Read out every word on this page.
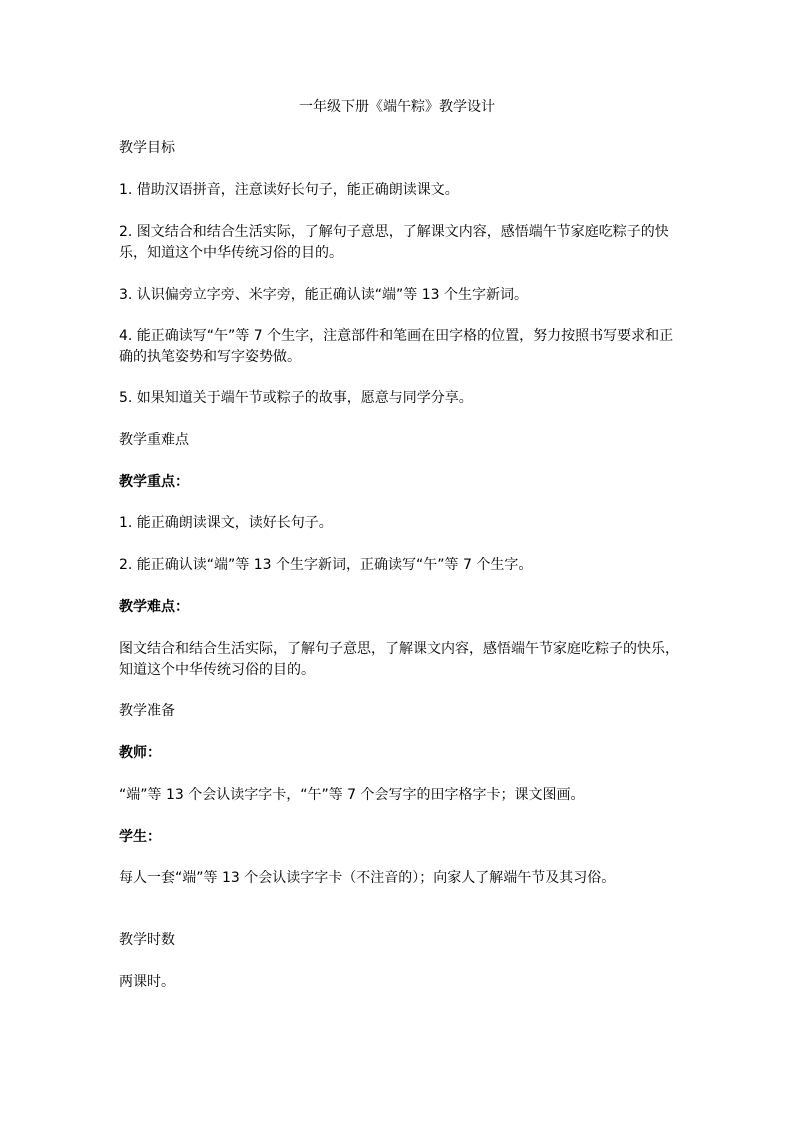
一年级下册《端午粽》教学设计
教学目标
1. 借助汉语拼音，注意读好长句子，能正确朗读课文。
2. 图文结合和结合生活实际，了解句子意思，了解课文内容，感悟端午节家庭吃粽子的快乐，知道这个中华传统习俗的目的。
3. 认识偏旁立字旁、米字旁，能正确认读“端”等 13 个生字新词。
4. 能正确读写“午”等 7 个生字，注意部件和笔画在田字格的位置，努力按照书写要求和正确的执笔姿势和写字姿势做。
5. 如果知道关于端午节或粽子的故事，愿意与同学分享。
教学重难点
教学重点：
1. 能正确朗读课文，读好长句子。
2. 能正确认读“端”等 13 个生字新词，正确读写“午”等 7 个生字。
教学难点：
图文结合和结合生活实际，了解句子意思，了解课文内容，感悟端午节家庭吃粽子的快乐，知道这个中华传统习俗的目的。
教学准备
教师：
“端”等 13 个会认读字字卡，“午”等 7 个会写字的田字格字卡；课文图画。
学生：
每人一套“端”等 13 个会认读字字卡（不注音的）；向家人了解端午节及其习俗。
教学时数
两课时。
